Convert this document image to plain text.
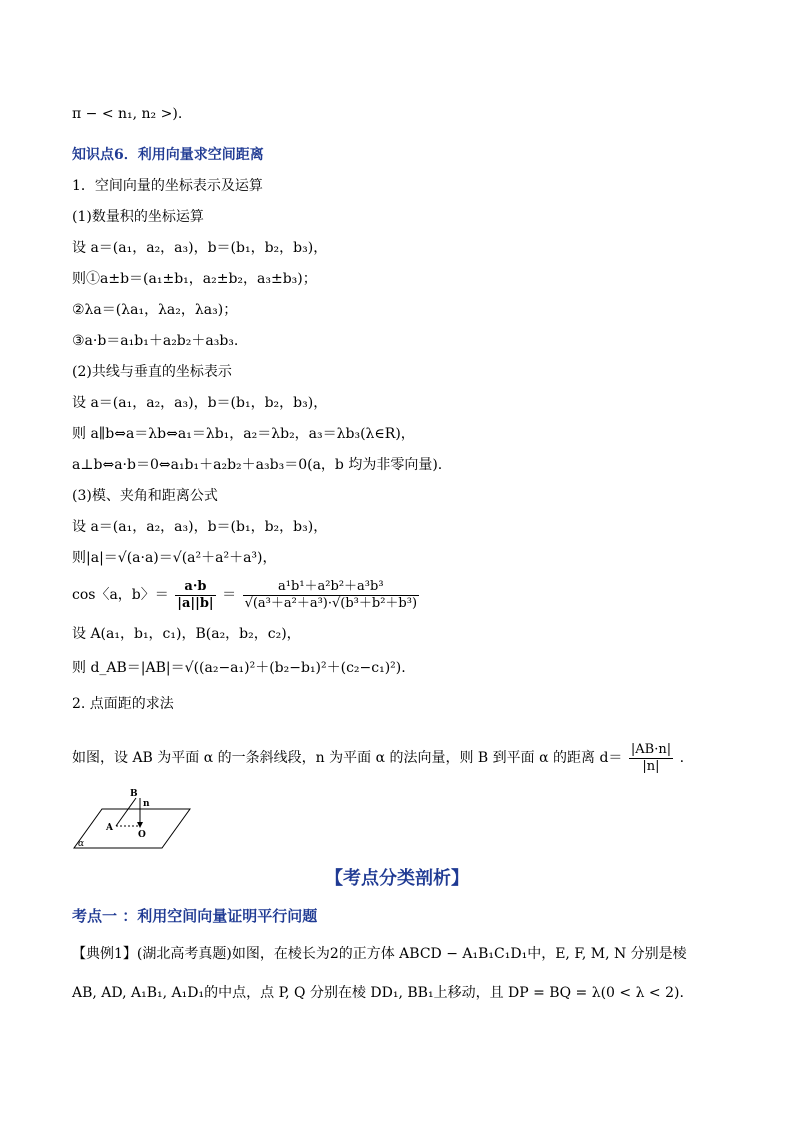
π − < n₁, n₂ >).
知识点6．利用向量求空间距离
1．空间向量的坐标表示及运算
(1)数量积的坐标运算
设 a＝(a₁，a₂，a₃)，b＝(b₁，b₂，b₃)，
则①a±b＝(a₁±b₁，a₂±b₂，a₃±b₃)；
②λa＝(λa₁，λa₂，λa₃)；
③a·b＝a₁b₁＋a₂b₂＋a₃b₃.
(2)共线与垂直的坐标表示
设 a＝(a₁，a₂，a₃)，b＝(b₁，b₂，b₃)，
则 a∥b⇔a＝λb⇔a₁＝λb₁，a₂＝λb₂，a₃＝λb₃(λ∈R)，
a⊥b⇔a·b＝0⇔a₁b₁＋a₂b₂＋a₃b₃＝0(a，b 均为非零向量).
(3)模、夹角和距离公式
设 a＝(a₁，a₂，a₃)，b＝(b₁，b₂，b₃)，
则|a|＝√(a·a)＝√(a²＋a²＋a³)，
cos〈a，b〉＝ $\frac{a\cdot b}{|a||b|} = \frac{\text{a¹b¹＋a²b²＋a³b³}}{\text{√(a³＋a²＋a³)·√(b³＋b²＋b³)}}$
设 A(a₁，b₁，c₁)，B(a₂，b₂，c₂)，
则 d_AB＝|AB|＝√((a₂−a₁)²＋(b₂−b₁)²＋(c₂−c₁)²).
2. 点面距的求法
如图，设 AB 为平面 α 的一条斜线段，n 为平面 α 的法向量，则 B 到平面 α 的距离 $d= \frac{|AB\cdot n|}{|n|}$ .
B
n
A
O
α
【考点分类剖析】
考点一 ：利用空间向量证明平行问题
【典例1】(湖北高考真题)如图，在棱长为2的正方体 ABCD − A₁B₁C₁D₁中，E, F, M, N 分别是棱
AB, AD, A₁B₁, A₁D₁的中点，点 P, Q 分别在棱 DD₁, BB₁上移动，且 DP = BQ = λ(0 < λ < 2).
